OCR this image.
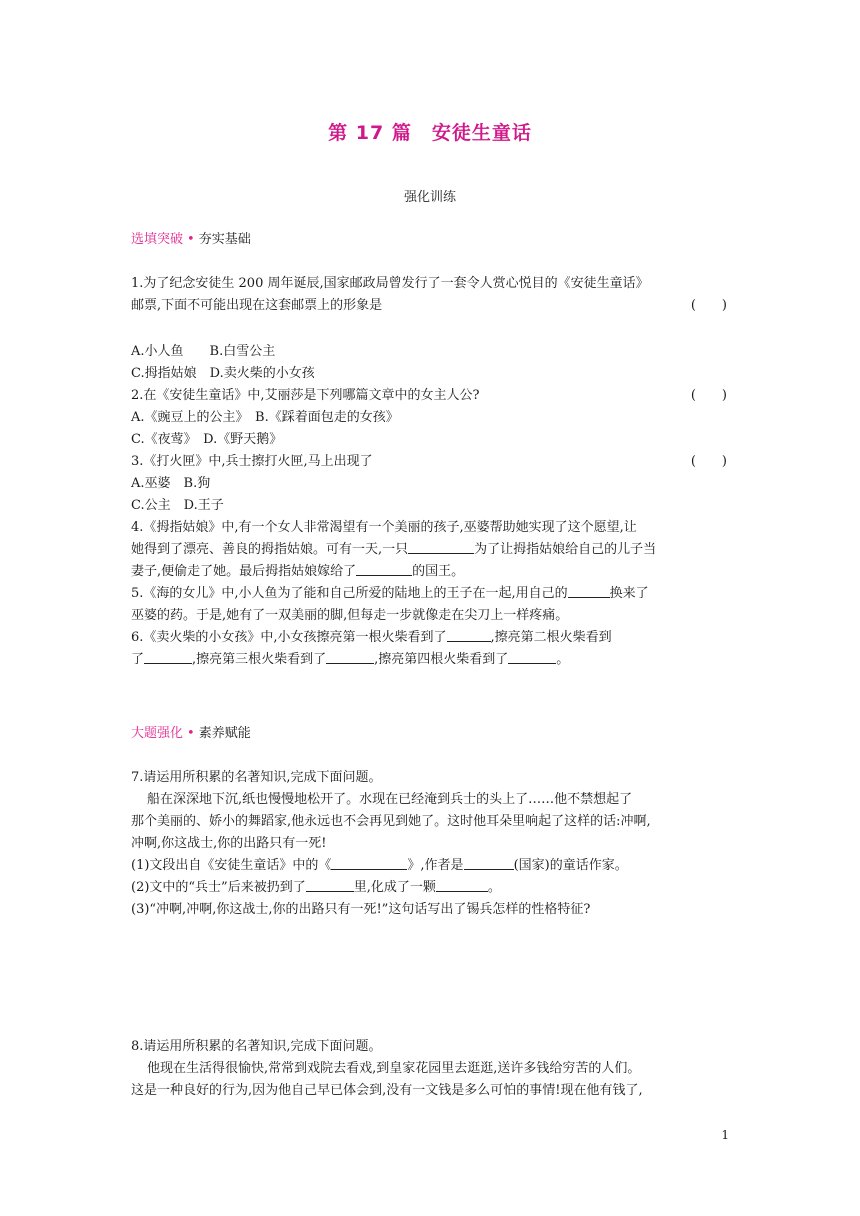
第 17 篇　安徒生童话
强化训练
选填突破 • 夯实基础
1.为了纪念安徒生 200 周年诞辰,国家邮政局曾发行了一套令人赏心悦目的《安徒生童话》
邮票,下面不可能出现在这套邮票上的形象是	(　　)
A.小人鱼　　B.白雪公主
C.拇指姑娘　D.卖火柴的小女孩
2.在《安徒生童话》中,艾丽莎是下列哪篇文章中的女主人公?	(　　)
A.《豌豆上的公主》　B.《踩着面包走的女孩》
C.《夜莺》　D.《野天鹅》
3.《打火匣》中,兵士擦打火匣,马上出现了	(　　)
A.巫婆　B.狗
C.公主　D.王子
4.《拇指姑娘》中,有一个女人非常渴望有一个美丽的孩子,巫婆帮助她实现了这个愿望,让
她得到了漂亮、善良的拇指姑娘。可有一天,一只	为了让拇指姑娘给自己的儿子当
妻子,便偷走了她。最后拇指姑娘嫁给了	的国王。
5.《海的女儿》中,小人鱼为了能和自己所爱的陆地上的王子在一起,用自己的	换来了
巫婆的药。于是,她有了一双美丽的脚,但每走一步就像走在尖刀上一样疼痛。
6.《卖火柴的小女孩》中,小女孩擦亮第一根火柴看到了	,擦亮第二根火柴看到
了	,擦亮第三根火柴看到了	,擦亮第四根火柴看到了	。
大题强化 • 素养赋能
7.请运用所积累的名著知识,完成下面问题。
船在深深地下沉,纸也慢慢地松开了。水现在已经淹到兵士的头上了……他不禁想起了
那个美丽的、娇小的舞蹈家,他永远也不会再见到她了。这时他耳朵里响起了这样的话:冲啊,
冲啊,你这战士,你的出路只有一死!
(1)文段出自《安徒生童话》中的《	》,作者是	(国家)的童话作家。
(2)文中的“兵士”后来被扔到了	里,化成了一颗	。
(3)“冲啊,冲啊,你这战士,你的出路只有一死!”这句话写出了锡兵怎样的性格特征?
8.请运用所积累的名著知识,完成下面问题。
他现在生活得很愉快,常常到戏院去看戏,到皇家花园里去逛逛,送许多钱给穷苦的人们。
这是一种良好的行为,因为他自己早已体会到,没有一文钱是多么可怕的事情!现在他有钱了,
1
